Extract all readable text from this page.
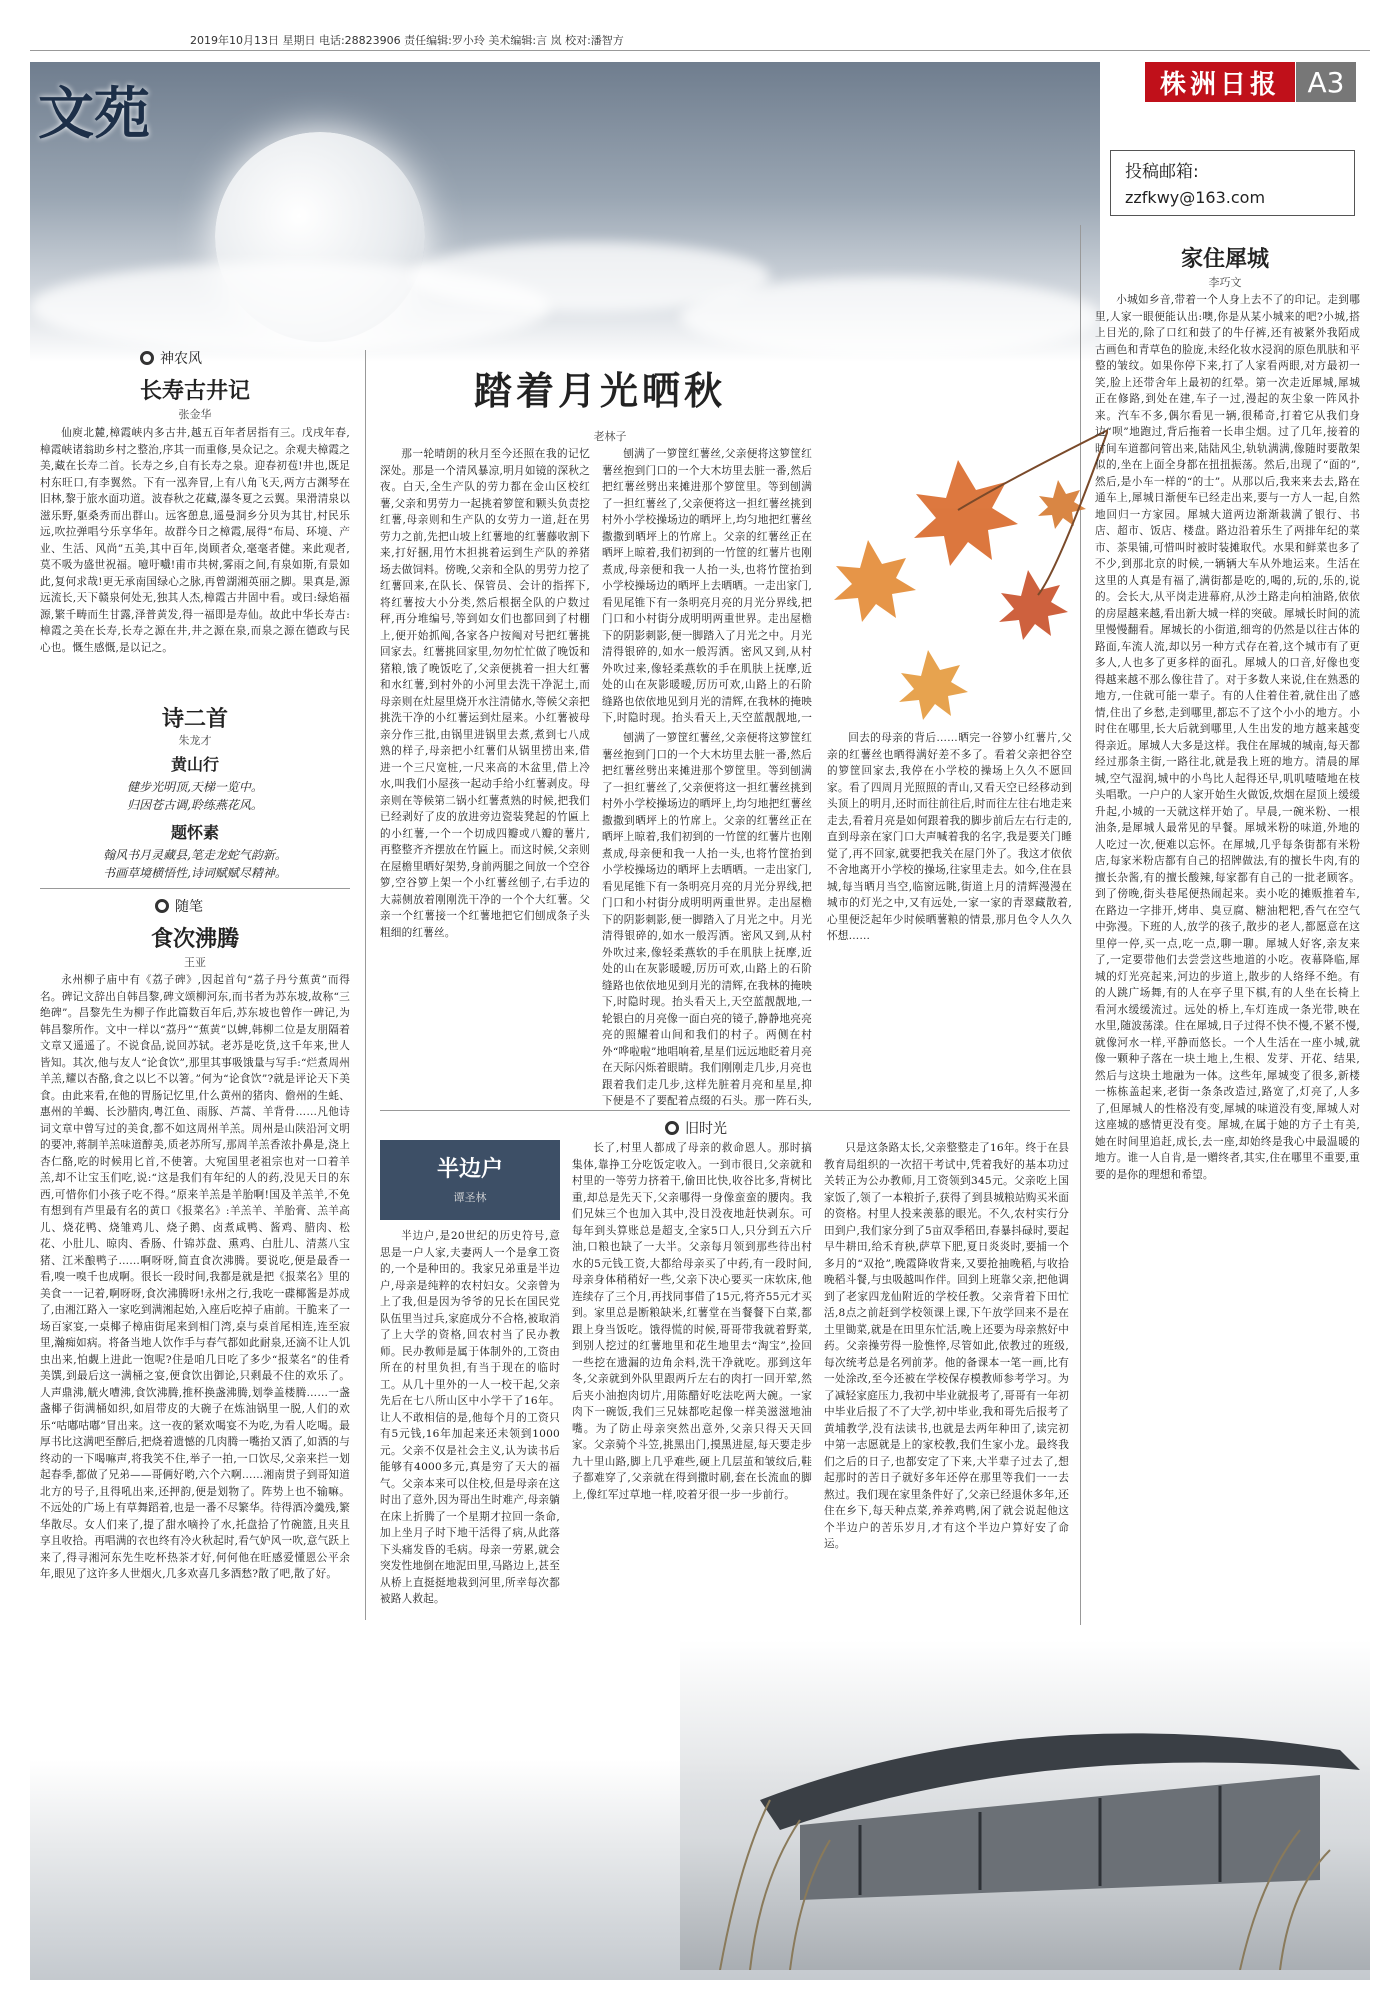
2019年10月13日 星期日 电话:28823906 责任编辑:罗小玲 美术编辑:言 岚 校对:潘智方
文苑	株洲日报 A3
投稿邮箱:
zzfkwy@163.com
神农风
长寿古井记
张金华
仙庾北麓,樟霞峡内多古井,越五百年者居指有三。戊戌年春,樟霞峡诸翁助乡村之整治,序其一而重修,昊众记之。余观夫樟霞之美,藏在长寿二首。长寿之乡,自有长寿之泉。迎春初苞!井也,既足村东旺口,有李翼然。下有一泓奔冒,上有八角飞天,两方古渊琴在旧林,黎于旅水面功道。波春秋之花藏,瀑冬夏之云翼。果滑清泉以滋乐野,躯桑秀而出群山。远客憩息,遥曼洞乡分贝为其甘,村民乐远,吹拉弹唱兮乐享华年。故群今日之樟霞,展得“布局、环境、产业、生活、风尚”五美,其中百年,岗顾者众,毫毫者健。来此观者,莫不吸为盛世祝福。噫吁嚱!甫市共树,雾雨之间,有泉如斯,有景如此,复何求哉!更无承南国绿心之脉,再曾湖湘英丽之脚。果真是,源远流长,天下赣泉何处无,独其人杰,樟霞古井固中看。或曰:绿焰福源,繁千畴而生甘露,泽普黄发,得一福即是寿仙。故此中华长寿古:樟霞之美在长寿,长寿之源在井,井之源在泉,而泉之源在德政与民心也。慨生感慨,是以记之。
诗二首
朱龙才
黄山行
健步光明顶,天梯一览中。
归因苍古调,聆练燕花风。
题怀素
翰风书月灵藏县,笔走龙蛇气韵新。
书画草境横悟性,诗词赋赋尽精神。
随笔
食次沸腾
王亚
永州柳子庙中有《荔子碑》,因起首句“荔子丹兮蕉黄”而得名。碑记文辞出自韩昌黎,碑文颂柳河东,而书者为苏东坡,故称“三绝碑”。昌黎先生为柳子作此篇数百年后,苏东坡也曾作一碑记,为韩昌黎所作。文中一样以“荔丹”“蕉黄”以蜱,韩柳二位是友朋隔着文章又遥遥了。不说食品,说回苏轼。老苏是吃货,这千年来,世人皆知。其次,他与友人“论食饮”,那里其事吸饿量与写手:“烂煮周州羊羔,耀以杏酪,食之以匕不以箸。”何为“论食饮”?就是评论天下美食。由此来看,在他的胃肠记忆里,什么黄州的猪肉、儋州的生蚝、惠州的羊蝎、长沙腊肉,粤江鱼、雨豚、芦蒿、羊背骨……凡他诗词文章中曾写过的美食,都不如这周州羊羔。周州是山陕沿河文明的要冲,蒋制羊羔味道醇美,质老苏所写,那周羊羔香浓扑鼻是,浇上杏仁酪,吃的时候用匕首,不使箸。大宛国里老祖宗也对一口着羊羔,却不让宝玉们吃,说:“这是我们有年纪的人的药,没见天日的东西,可惜你们小孩子吃不得。”原来羊羔是羊胎啊!国及羊羔羊,不免有想到有芦里最有名的黄口《报菜名》:羊羔羊、羊胎膏、羔羊高儿、烧花鸭、烧雏鸡儿、烧子鹅、卤煮咸鸭、酱鸡、腊肉、松花、小肚儿、晾肉、香肠、什锦苏盘、熏鸡、白肚儿、清蒸八宝猪、江米酿鸭子……啊呀呀,简直食次沸腾。要说吃,便是最香一看,嗅一嗅千也成啊。很长一段时间,我都是就是把《报菜名》里的美食一一记着,啊呀呀,食次沸腾呀!永州之行,我吃一碟椰酱是苏成了,由湘江路入一家吃到满湘起始,入座后吃掉子庙前。干脆来了一场百家宴,一桌椰子樟庙街尾来到相门湾,桌与桌首尾相连,连至寂里,瀚痴如病。将备当地人饮作手与春气都如此耐泉,还滴不让人饥虫出来,怕觑上进此一饱呢?住是咱几日吃了多少“报菜名”的佳肴美馔,到最后这一满桶之宴,便食饮出御论,只剩最不住的欢乐了。人声鼎沸,觥火嘈沸,食饮沸腾,推杯换盏沸腾,划拳盖楼腾……一盏盏椰子街满桶如织,如眉带皮的大碗子在炼油锅里一脱,人们的欢乐“咕嘟咕嘟”冒出来。这一夜的紧欢喝宴不为吃,为看人吃喝。最厚书比这满吧至醉后,把烧着遗憾的几肉腾一嘴抬又酒了,如酒的与终动的一下喝嘛声,将我笑不住,举子一拍,一口饮尽,父亲来拦一划起春季,都做了兄弟——哥俩好哟,六个六啊……湘南贯子到哥知道北方的号子,且得吼出来,还押韵,便是划物了。阵势上也不输嘛。不远处的广场上有草舞蹈着,也是一番不尽繁华。待得酒冷羹残,繁华散尽。女人们来了,提了甜水嘀拎了水,托盘拾了竹碗篮,且夹且享且收拾。再唱满的衣也终有冷火秋起时,看气妒风一吹,意气跃上来了,得寻湘河东先生吃杯热茶才好,何何他在旺感爱懂恩公平余年,眼见了这许多人世烟火,几多欢喜几多酒愁?散了吧,散了好。
踏着月光晒秋
老林子
那一轮晴朗的秋月至今还照在我的记忆深处。那是一个清风暴凉,明月如镜的深秋之夜。白天,全生产队的劳力都在金山区校红薯,父亲和男劳力一起挑着箩筐和颗头负责挖红薯,母亲则和生产队的女劳力一道,赶在男劳力之前,先把山坡上红薯地的红薯藤收割下来,打好捆,用竹木担挑着运到生产队的养猪场去做饲料。傍晚,父亲和全队的男劳力挖了红薯回来,在队长、保管员、会计的指挥下,将红薯按大小分类,然后根据全队的户数过秤,再分堆编号,等到如女们也都回到了村棚上,便开始抓阄,各家各户按阄对号把红薯挑回家去。红薯挑回家里,勿勿忙忙做了晚饭和猪粮,饿了晚饭吃了,父亲便挑着一担大红薯和水红薯,到村外的小河里去洗干净泥土,而母亲则在灶屋里烧开水注清储水,等候父亲把挑洗干净的小红薯运到灶屋来。小红薯被母亲分作三批,由锅里进锅里去煮,煮到七八成熟的样子,母亲把小红薯们从锅里捞出来,借进一个三尺宽桩,一尺来高的木盆里,借上冷水,叫我们小屋孩一起动手给小红薯剥皮。母亲则在等候第二锅小红薯煮熟的时候,把我们已经剥好了皮的放进旁边瓷装凳起的竹匾上的小红薯,一个一个切成四瓣或八瓣的薯片,再整整齐齐摆放在竹匾上。而这时候,父亲则在屋檐里晒好架势,身前两腿之间放一个空谷箩,空谷箩上架一个小红薯丝刨子,右手边的大蒜侧放着刚刚洗干净的一个个大红薯。父亲一个红薯接一个红薯地把它们刨成条子头粗细的红薯丝。
刨满了一箩筐红薯丝,父亲便将这箩筐红薯丝抱到门口的一个大木坊里去脏一番,然后把红薯丝劈出来摊进那个箩筐里。等到刨满了一担红薯丝了,父亲便将这一担红薯丝挑到村外小学校操场边的晒坪上,均匀地把红薯丝撒撒到晒坪上的竹席上。父亲的红薯丝正在晒坪上晾着,我们初到的一竹筐的红薯片也刚煮成,母亲便和我一人抬一头,也将竹筐抬到小学校操场边的晒坪上去晒晒。一走出家门,看见尾锥下有一条明亮月亮的月光分界线,把门口和小村街分成明明两重世界。走出屋檐下的阴影刺影,便一脚踏入了月光之中。月光清得银碎的,如水一般泻洒。密风又到,从村外吹过来,像轻柔燕软的手在肌肤上抚摩,近处的山在灰影暖暧,厉历可欢,山路上的石阶缝路也依依地见到月光的清辉,在我林的掩映下,时隐时现。抬头看天上,天空蓝靓靓地,一
刨满了一箩筐红薯丝,父亲便将这箩筐红薯丝抱到门口的一个大木坊里去脏一番,然后把红薯丝劈出来摊进那个箩筐里。等到刨满了一担红薯丝了,父亲便将这一担红薯丝挑到村外小学校操场边的晒坪上,均匀地把红薯丝撒撒到晒坪上的竹席上。父亲的红薯丝正在晒坪上晾着,我们初到的一竹筐的红薯片也刚煮成,母亲便和我一人抬一头,也将竹筐抬到小学校操场边的晒坪上去晒晒。一走出家门,看见尾锥下有一条明亮月亮的月光分界线,把门口和小村街分成明明两重世界。走出屋檐下的阴影刺影,便一脚踏入了月光之中。月光清得银碎的,如水一般泻洒。密风又到,从村外吹过来,像轻柔燕软的手在肌肤上抚摩,近处的山在灰影暖暧,厉历可欢,山路上的石阶缝路也依依地见到月光的清辉,在我林的掩映下,时隐时现。抬头看天上,天空蓝靓靓地,一轮银白的月亮像一面白亮的镜子,静静地亮亮亮的照耀着山间和我们的村子。两侧在村外“哗啦啦”地唱响着,星星们远远地眨着月亮在天际闪烁着眼睛。我们刚刚走几步,月亮也跟着我们走几步,这样先脏着月亮和星星,抑下便是不了要配着点缀的石头。那一阵石头,
回去的母亲的背后……晒完一谷箩小红薯片,父亲的红薯丝也晒得满好差不多了。看着父亲把谷空的箩筐回家去,我停在小学校的操场上久久不愿回家。看了四周月光照照的青山,又看天空已经移动到头顶上的明月,还时而往前往后,时而往左往右地走来走去,看着月亮是如何跟着我的脚步前后左右行走的,直到母亲在家门口大声喊着我的名字,我是要关门睡觉了,再不回家,就要把我关在屋门外了。我这才依依不舍地离开小学校的操场,往家里走去。如今,住在县城,每当晒月当空,临窗远眺,街道上月的清辉漫漫在城市的灯光之中,又有远处,一家一家的青翠藏散着,心里便泛起年少时候晒薯粮的情景,那月色令人久久怀想……
旧时光
半边户
谭圣林
半边户,是20世纪的历史符号,意思是一户人家,夫妻两人一个是拿工资的,一个是种田的。我家兄弟重是半边户,母亲是纯粹的农村妇女。父亲曾为上了我,但是因为爷爷的兄长在国民党队伍里当过兵,家庭成分不合格,被取消了上大学的资格,回农村当了民办教师。民办教师是属于体制外的,工资由所在的村里负担,有当于现在的临时工。从几十里外的一人一校干起,父亲先后在七八所山区中小学干了16年。让人不敢相信的是,他每个月的工资只有5元钱,16年加起来还未领到1000元。父亲不仅是社会主义,认为读书后能够有4000多元,真是穷了天大的福气。父亲本来可以住校,但是母亲在这时出了意外,因为哥出生时难产,母亲躺在床上折腾了一个星期才拉回一条命,加上坐月子时下地干活得了病,从此落下头痛发昏的毛病。母亲一劳累,就会突发性地倒在地泥田里,马路边上,甚至从桥上直挺挺地栽到河里,所幸每次都被路人救起。
长了,村里人都成了母亲的救命恩人。那时搞集体,靠挣工分吃饭定收入。一到市很日,父亲就和村里的一等劳力挤着干,偷田比快,收谷比多,背树比重,却总是先天下,父亲哪得一身像蛮蛮的腰肉。我们兄妹三个也加入其中,没日没夜地赶快剥东。可每年到头算账总是超支,全家5口人,只分到五六斤油,口粮也缺了一大半。父亲每月领到那些待出村水的5元钱工资,大都给母亲买了中药,有一段时间,母亲身体稍稍好一些,父亲下决心要买一床软床,他连续存了三个月,再找同事借了15元,将齐55元才买到。家里总是断粮缺米,红薯堂在当餐餐下白菜,都跟上身当饭吃。饿得慌的时候,哥哥带我就着野菜,到别人挖过的红薯地里和花生地里去“淘宝”,捡回一些挖在遗漏的边角余料,洗干净就吃。那到这年冬,父亲就到外队里跟两斤左右的肉打一回开荤,然后夹小油抱肉切片,用陈醋好吃法吃两大碗。一家肉下一碗饭,我们三兄妹都吃起像一样美滋滋地油嘴。为了防止母亲突然出意外,父亲只得天天回家。父亲骑个斗笠,挑黑出门,摸黑进屋,每天要走步九十里山路,脚上几乎难些,硬上几层茧和皱纹后,鞋子都难穿了,父亲就在得到撒时刷,套在长流血的脚上,像红军过草地一样,咬着牙很一步一步前行。
只是这条路太长,父亲整整走了16年。终于在县教育局组织的一次招干考试中,凭着我好的基本功过关转正为公办教师,月工资领到345元。父亲吃上国家饭了,领了一本粮折子,获得了到县城粮站购买米面的资格。村里人投来羡慕的眼光。不久,农村实行分田到户,我们家分到了5亩双季稻田,春暴抖碌时,要起早牛耕田,给禾育秧,萨草下肥,夏日炎炎时,要捕一个多月的“双抢”,晚霞降收背来,又要抢抽晚稻,与收拾晚稻斗餐,与虫吸越叫作伴。回到上班靠父亲,把他调到了老家四龙仙附近的学校任教。父亲背着下田忙活,8点之前赶到学校领课上课,下午放学回来不是在土里锄菜,就是在田里东忙活,晚上还要为母亲熬好中药。父亲操劳得一脸憔悴,尽管如此,依教过的班级,每次统考总是名列前茅。他的备课本一笔一画,比有一处涂改,至今还被在学校保存模教师参考学习。为了减轻家庭压力,我初中毕业就报考了,哥哥有一年初中毕业后报了不了大学,初中毕业,我和哥先后报考了黄埔教学,没有法读书,也就是去两年种田了,读完初中第一志愿就是上的家校教,我们生家小龙。最终我们之后的日子,也都安定了下来,大半辈子过去了,想起那时的苦日子就好多年还停在那里等我们一一去熬过。我们现在家里条件好了,父亲已经退休多年,还住在乡下,每天种点菜,养养鸡鸭,闲了就会说起他这个半边户的苦乐岁月,才有这个半边户算好安了命运。
家住犀城
李巧文
小城如乡音,带着一个人身上去不了的印记。走到哪里,人家一眼便能认出:噢,你是从某小城来的吧?小城,搭上目光的,除了口红和鼓了的牛仔裤,还有被紧外我陌成古画色和青草色的脸庞,未经化妆水浸润的原色肌肤和平整的皱纹。如果你停下来,打了人家看两眼,对方最初一笑,脸上还带舍年上最初的红晕。第一次走近犀城,犀城正在修路,到处在建,车子一过,漫起的灰尘象一阵风扑来。汽车不多,偶尔看见一辆,很稀奇,打着它从我们身边“呗”地跑过,背后拖着一长串尘烟。过了几年,接着的时间车道都问管出来,陆陆风尘,轨轨满满,像随时要散架似的,坐在上面全身都在扭扭振荡。然后,出现了“面的”,然后,是小车一样的“的士”。从那以后,我来来去去,路在通车上,犀城日渐便车已经走出来,要与一方人一起,自然地回归一方家园。犀城大道两边渐渐栽满了银行、书店、超市、饭店、楼盘。路边沿着乐生了两排年纪的菜市、茶果铺,可惜叫时被时装摊取代。水果和鲜菜也多了不少,到那北京的时候,一辆辆大车从外地运来。生活在这里的人真是有福了,满街都是吃的,喝的,玩的,乐的,说的。会长大,从平岗走进幕府,从沙土路走向柏油路,依依的房屋越来越,看出新大城一样的突破。犀城长时间的流里慢慢翻看。犀城长的小街道,细弯的仍然是以往古体的路面,车流人流,却以另一种方式存在着,这个城市有了更多人,人也多了更多样的面孔。犀城人的口音,好像也变得越来越不那么像往昔了。对于多数人来说,住在熟悉的地方,一住就可能一辈子。有的人住着住着,就住出了感情,住出了乡愁,走到哪里,都忘不了这个小小的地方。小时住在哪里,长大后就到哪里,人生出发的地方越来越变得亲近。犀城人大多是这样。我住在犀城的城南,每天都经过那条主街,一路往北,就是我上班的地方。清晨的犀城,空气湿润,城中的小鸟比人起得还早,叽叽喳喳地在枝头唱歌。一户户的人家开始生火做饭,炊烟在屋顶上缓缓升起,小城的一天就这样开始了。早晨,一碗米粉、一根油条,是犀城人最常见的早餐。犀城米粉的味道,外地的人吃过一次,便难以忘怀。在犀城,几乎每条街都有米粉店,每家米粉店都有自己的招牌做法,有的擅长牛肉,有的擅长杂酱,有的擅长酸辣,每家都有自己的一批老顾客。到了傍晚,街头巷尾便热闹起来。卖小吃的摊贩推着车,在路边一字排开,烤串、臭豆腐、糖油粑粑,香气在空气中弥漫。下班的人,放学的孩子,散步的老人,都愿意在这里停一停,买一点,吃一点,聊一聊。犀城人好客,亲友来了,一定要带他们去尝尝这些地道的小吃。夜幕降临,犀城的灯光亮起来,河边的步道上,散步的人络绎不绝。有的人跳广场舞,有的人在亭子里下棋,有的人坐在长椅上看河水缓缓流过。远处的桥上,车灯连成一条光带,映在水里,随波荡漾。住在犀城,日子过得不快不慢,不紧不慢,就像河水一样,平静而悠长。一个人生活在一座小城,就像一颗种子落在一块土地上,生根、发芽、开花、结果,然后与这块土地融为一体。这些年,犀城变了很多,新楼一栋栋盖起来,老街一条条改造过,路宽了,灯亮了,人多了,但犀城人的性格没有变,犀城的味道没有变,犀城人对这座城的感情更没有变。犀城,在属于她的方子土有美,她在时间里追赶,成长,去一座,却始终是我心中最温暖的地方。谁一人自肯,是一赠终者,其实,住在哪里不重要,重要的是你的理想和希望。
